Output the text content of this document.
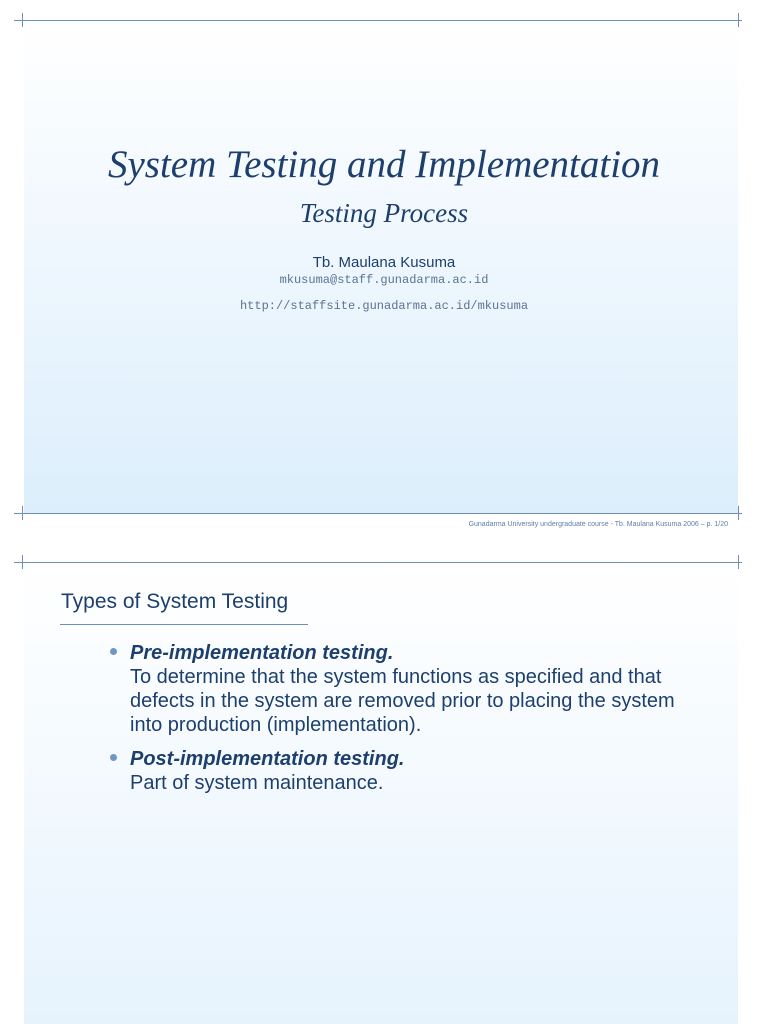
System Testing and Implementation
Testing Process
Tb. Maulana Kusuma
mkusuma@staff.gunadarma.ac.id
http://staffsite.gunadarma.ac.id/mkusuma
Gunadarma University undergraduate course - Tb. Maulana Kusuma 2006 – p. 1/20
Types of System Testing
Pre-implementation testing.
To determine that the system functions as specified and that defects in the system are removed prior to placing the system into production (implementation).
Post-implementation testing.
Part of system maintenance.
